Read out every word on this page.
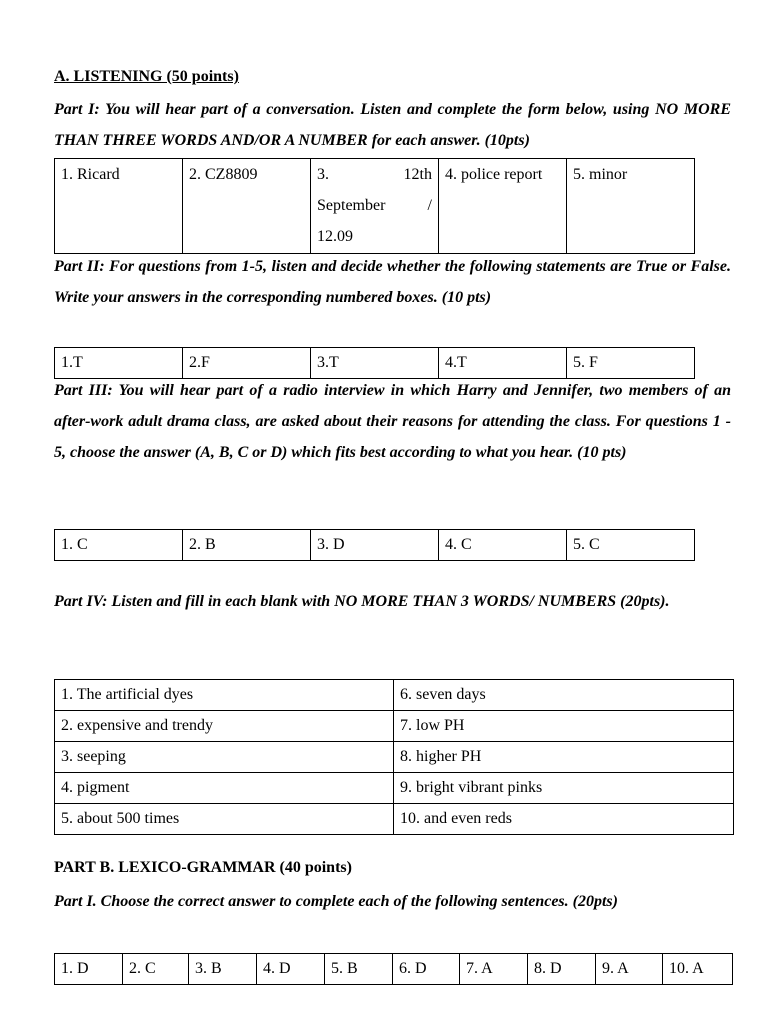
A. LISTENING (50 points)
Part I: You will hear part of a conversation. Listen and complete the form below, using NO MORE THAN THREE WORDS AND/OR A NUMBER for each answer. (10pts)
1. Ricard	2. CZ8809	3. 12th
September /
12.09
	4. police report	5. minor
Part II: For questions from 1-5, listen and decide whether the following statements are True or False. Write your answers in the corresponding numbered boxes. (10 pts)
1.T	2.F	3.T	4.T	5. F
Part III: You will hear part of a radio interview in which Harry and Jennifer, two members of an after-work adult drama class, are asked about their reasons for attending the class. For questions 1 - 5, choose the answer (A, B, C or D) which fits best according to what you hear. (10 pts)
1. C	2. B	3. D	4. C	5. C
Part IV: Listen and fill in each blank with NO MORE THAN 3 WORDS/ NUMBERS (20pts).
1. The artificial dyes	6. seven days
2. expensive and trendy	7. low PH
3. seeping	8. higher PH
4. pigment	9. bright vibrant pinks
5. about 500 times	10. and even reds
PART B. LEXICO-GRAMMAR (40 points)
Part I. Choose the correct answer to complete each of the following sentences. (20pts)
1. D	2. C	3. B	4. D	5. B	6. D	7. A	8. D	9. A	10. A
